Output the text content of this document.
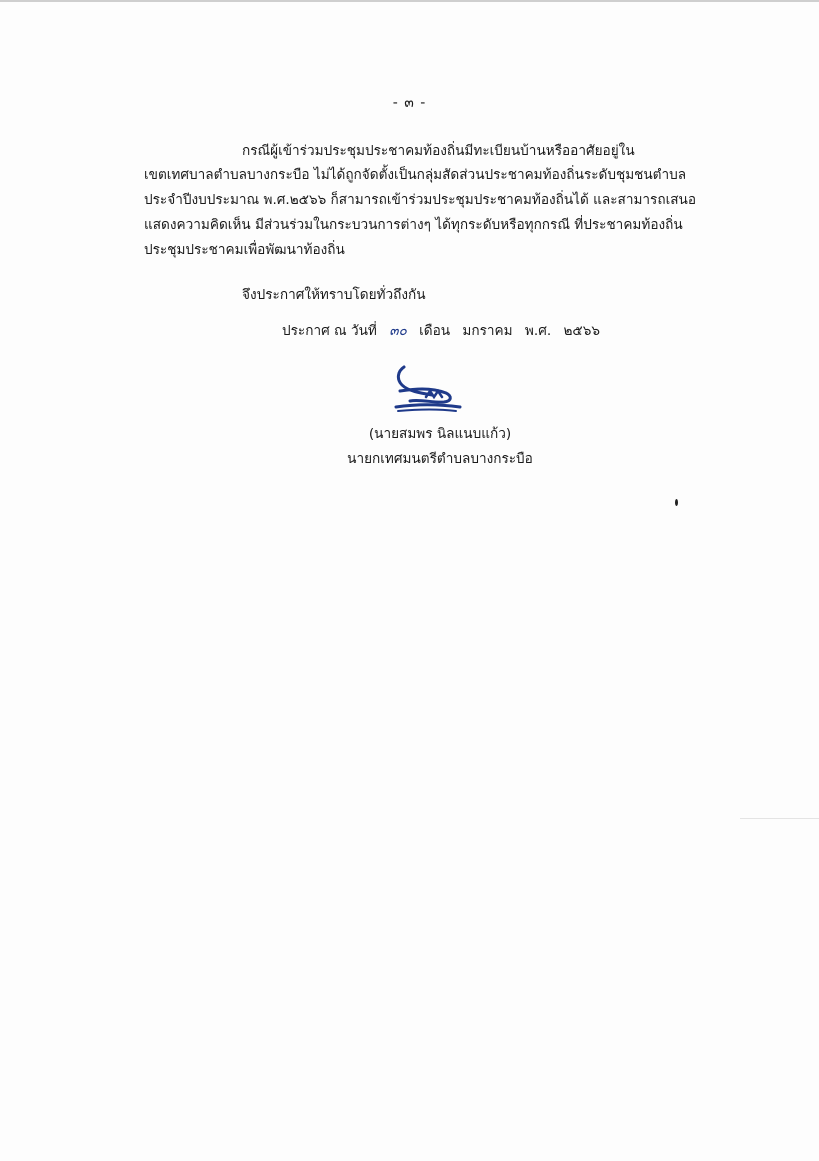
- ๓ -
กรณีผู้เข้าร่วมประชุมประชาคมท้องถิ่นมีทะเบียนบ้านหรืออาศัยอยู่ใน
เขตเทศบาลตำบลบางกระบือ ไม่ได้ถูกจัดตั้งเป็นกลุ่มสัดส่วนประชาคมท้องถิ่นระดับชุมชนตำบล
ประจำปีงบประมาณ พ.ศ.๒๕๖๖ ก็สามารถเข้าร่วมประชุมประชาคมท้องถิ่นได้ และสามารถเสนอ
แสดงความคิดเห็น มีส่วนร่วมในกระบวนการต่างๆ ได้ทุกระดับหรือทุกกรณี ที่ประชาคมท้องถิ่น
ประชุมประชาคมเพื่อพัฒนาท้องถิ่น
จึงประกาศให้ทราบโดยทั่วถึงกัน
ประกาศ ณ วันที่ ๓๐ เดือน มกราคม พ.ศ. ๒๕๖๖
(นายสมพร นิลแนบแก้ว)
นายกเทศมนตรีตำบลบางกระบือ
